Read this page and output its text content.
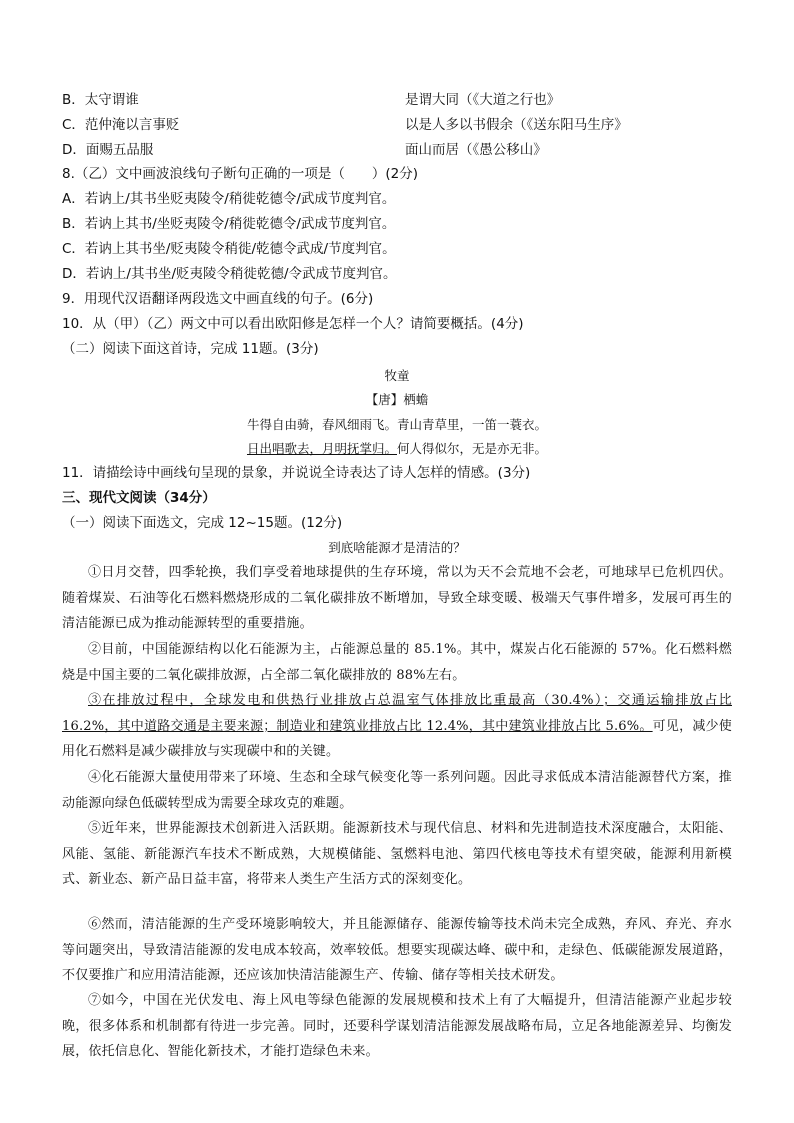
B．太守谓谁	是谓大同（《大道之行也》
C．范仲淹以言事贬	以是人多以书假余（《送东阳马生序》
D．面赐五品服	面山而居（《愚公移山》
8.（乙）文中画波浪线句子断句正确的一项是（　　）(2分)
A．若讷上/其书坐贬夷陵令/稍徙乾德令/武成节度判官。
B．若讷上其书/坐贬夷陵令/稍徙乾德令/武成节度判官。
C．若讷上其书坐/贬夷陵令稍徙/乾德令武成/节度判官。
D．若讷上/其书坐/贬夷陵令稍徙乾德/令武成节度判官。
9．用现代汉语翻译两段选文中画直线的句子。(6分)
10．从（甲）（乙）两文中可以看出欧阳修是怎样一个人？请简要概括。(4分)
（二）阅读下面这首诗，完成 11题。(3分)
牧童
【唐】栖蟾
牛得自由骑，春风细雨飞。青山青草里，一笛一蓑衣。
日出唱歌去，月明抚掌归。何人得似尔，无是亦无非。
11．请描绘诗中画线句呈现的景象，并说说全诗表达了诗人怎样的情感。(3分)
三、现代文阅读（34分）
（一）阅读下面选文，完成 12~15题。(12分)
到底啥能源才是清洁的？
①日月交替，四季轮换，我们享受着地球提供的生存环境，常以为天不会荒地不会老，可地球早已危机四伏。随着煤炭、石油等化石燃料燃烧形成的二氧化碳排放不断增加，导致全球变暖、极端天气事件增多，发展可再生的清洁能源已成为推动能源转型的重要措施。
②目前，中国能源结构以化石能源为主，占能源总量的 85.1%。其中，煤炭占化石能源的 57%。化石燃料燃烧是中国主要的二氧化碳排放源，占全部二氧化碳排放的 88%左右。
③在排放过程中，全球发电和供热行业排放占总温室气体排放比重最高（30.4%）；交通运输排放占比 16.2%，其中道路交通是主要来源；制造业和建筑业排放占比 12.4%，其中建筑业排放占比 5.6%。可见，减少使用化石燃料是减少碳排放与实现碳中和的关键。
④化石能源大量使用带来了环境、生态和全球气候变化等一系列问题。因此寻求低成本清洁能源替代方案，推动能源向绿色低碳转型成为需要全球攻克的难题。
⑤近年来，世界能源技术创新进入活跃期。能源新技术与现代信息、材料和先进制造技术深度融合，太阳能、风能、氢能、新能源汽车技术不断成熟，大规模储能、氢燃料电池、第四代核电等技术有望突破，能源利用新模式、新业态、新产品日益丰富，将带来人类生产生活方式的深刻变化。
⑥然而，清洁能源的生产受环境影响较大，并且能源储存、能源传输等技术尚未完全成熟，弃风、弃光、弃水等问题突出，导致清洁能源的发电成本较高，效率较低。想要实现碳达峰、碳中和，走绿色、低碳能源发展道路，不仅要推广和应用清洁能源，还应该加快清洁能源生产、传输、储存等相关技术研发。
⑦如今，中国在光伏发电、海上风电等绿色能源的发展规模和技术上有了大幅提升，但清洁能源产业起步较晚，很多体系和机制都有待进一步完善。同时，还要科学谋划清洁能源发展战略布局，立足各地能源差异、均衡发展，依托信息化、智能化新技术，才能打造绿色未来。
